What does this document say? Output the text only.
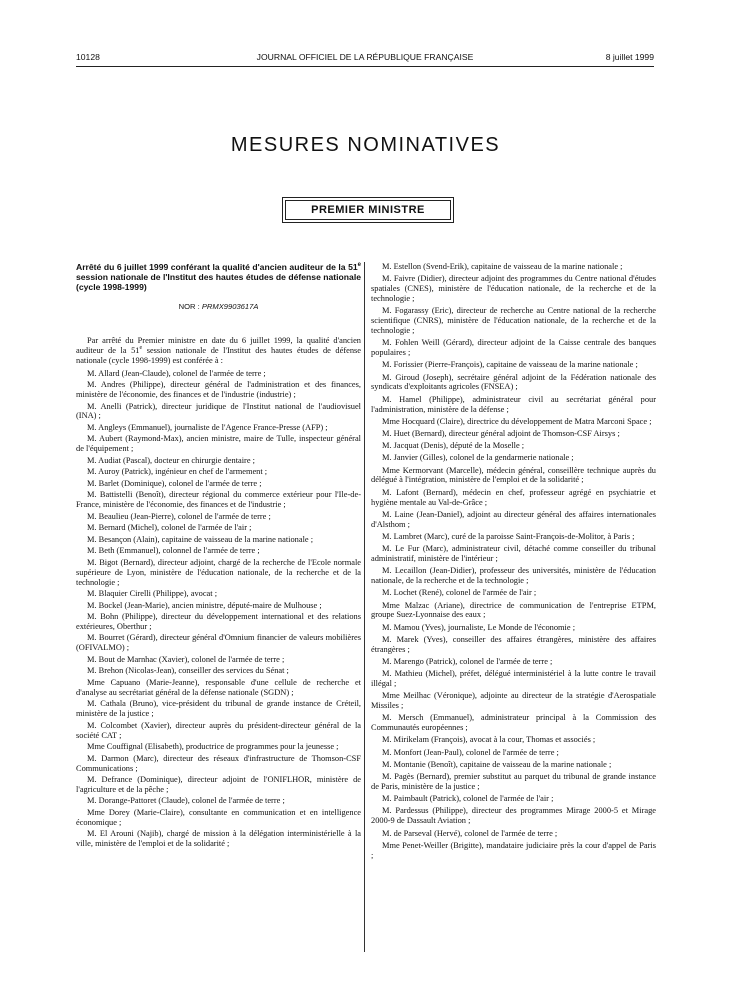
10128	JOURNAL OFFICIEL DE LA RÉPUBLIQUE FRANÇAISE	8 juillet 1999
MESURES NOMINATIVES
PREMIER MINISTRE
Arrêté du 6 juillet 1999 conférant la qualité d'ancien auditeur de la 51e session nationale de l'Institut des hautes études de défense nationale (cycle 1998-1999)
NOR : PRMX9903617A
Par arrêté du Premier ministre en date du 6 juillet 1999, la qualité d'ancien auditeur de la 51e session nationale de l'Institut des hautes études de défense nationale (cycle 1998-1999) est conférée à :
M. Allard (Jean-Claude), colonel de l'armée de terre ;
M. Andres (Philippe), directeur général de l'administration et des finances, ministère de l'économie, des finances et de l'industrie (industrie) ;
M. Anelli (Patrick), directeur juridique de l'Institut national de l'audiovisuel (INA) ;
M. Angleys (Emmanuel), journaliste de l'Agence France-Presse (AFP) ;
M. Aubert (Raymond-Max), ancien ministre, maire de Tulle, inspecteur général de l'équipement ;
M. Audiat (Pascal), docteur en chirurgie dentaire ;
M. Auroy (Patrick), ingénieur en chef de l'armement ;
M. Barlet (Dominique), colonel de l'armée de terre ;
M. Battistelli (Benoît), directeur régional du commerce extérieur pour l'Ile-de-France, ministère de l'économie, des finances et de l'industrie ;
M. Beaulieu (Jean-Pierre), colonel de l'armée de terre ;
M. Bernard (Michel), colonel de l'armée de l'air ;
M. Besançon (Alain), capitaine de vaisseau de la marine nationale ;
M. Beth (Emmanuel), colonnel de l'armée de terre ;
M. Bigot (Bernard), directeur adjoint, chargé de la recherche de l'Ecole normale supérieure de Lyon, ministère de l'éducation nationale, de la recherche et de la technologie ;
M. Blaquier Cirelli (Philippe), avocat ;
M. Bockel (Jean-Marie), ancien ministre, député-maire de Mulhouse ;
M. Bohn (Philippe), directeur du développement international et des relations extérieures, Oberthur ;
M. Bourret (Gérard), directeur général d'Omnium financier de valeurs mobilières (OFIVALMO) ;
M. Bout de Marnhac (Xavier), colonel de l'armée de terre ;
M. Brehon (Nicolas-Jean), conseiller des services du Sénat ;
Mme Capuano (Marie-Jeanne), responsable d'une cellule de recherche et d'analyse au secrétariat général de la défense nationale (SGDN) ;
M. Cathala (Bruno), vice-président du tribunal de grande instance de Créteil, ministère de la justice ;
M. Colcombet (Xavier), directeur auprès du président-directeur général de la société CAT ;
Mme Couffignal (Elisabeth), productrice de programmes pour la jeunesse ;
M. Darmon (Marc), directeur des réseaux d'infrastructure de Thomson-CSF Communications ;
M. Defrance (Dominique), directeur adjoint de l'ONIFLHOR, ministère de l'agriculture et de la pêche ;
M. Dorange-Pattoret (Claude), colonel de l'armée de terre ;
Mme Dorey (Marie-Claire), consultante en communication et en intelligence économique ;
M. El Arouni (Najib), chargé de mission à la délégation interministérielle à la ville, ministère de l'emploi et de la solidarité ;
M. Estellon (Svend-Erik), capitaine de vaisseau de la marine nationale ;
M. Faivre (Didier), directeur adjoint des programmes du Centre national d'études spatiales (CNES), ministère de l'éducation nationale, de la recherche et de la technologie ;
M. Fogarassy (Eric), directeur de recherche au Centre national de la recherche scientifique (CNRS), ministère de l'éducation nationale, de la recherche et de la technologie ;
M. Fohlen Weill (Gérard), directeur adjoint de la Caisse centrale des banques populaires ;
M. Forissier (Pierre-François), capitaine de vaisseau de la marine nationale ;
M. Giroud (Joseph), secrétaire général adjoint de la Fédération nationale des syndicats d'exploitants agricoles (FNSEA) ;
M. Hamel (Philippe), administrateur civil au secrétariat général pour l'administration, ministère de la défense ;
Mme Hocquard (Claire), directrice du développement de Matra Marconi Space ;
M. Huet (Bernard), directeur général adjoint de Thomson-CSF Airsys ;
M. Jacquat (Denis), député de la Moselle ;
M. Janvier (Gilles), colonel de la gendarmerie nationale ;
Mme Kermorvant (Marcelle), médecin général, conseillère technique auprès du délégué à l'intégration, ministère de l'emploi et de la solidarité ;
M. Lafont (Bernard), médecin en chef, professeur agrégé en psychiatrie et hygiène mentale au Val-de-Grâce ;
M. Laine (Jean-Daniel), adjoint au directeur général des affaires internationales d'Alsthom ;
M. Lambret (Marc), curé de la paroisse Saint-François-de-Molitor, à Paris ;
M. Le Fur (Marc), administrateur civil, détaché comme conseiller du tribunal administratif, ministère de l'intérieur ;
M. Lecaillon (Jean-Didier), professeur des universités, ministère de l'éducation nationale, de la recherche et de la technologie ;
M. Lochet (René), colonel de l'armée de l'air ;
Mme Malzac (Ariane), directrice de communication de l'entreprise ETPM, groupe Suez-Lyonnaise des eaux ;
M. Mamou (Yves), journaliste, Le Monde de l'économie ;
M. Marek (Yves), conseiller des affaires étrangères, ministère des affaires étrangères ;
M. Marengo (Patrick), colonel de l'armée de terre ;
M. Mathieu (Michel), préfet, délégué interministériel à la lutte contre le travail illégal ;
Mme Meilhac (Véronique), adjointe au directeur de la stratégie d'Aerospatiale Missiles ;
M. Mersch (Emmanuel), administrateur principal à la Commission des Communautés européennes ;
M. Mirikelam (François), avocat à la cour, Thomas et associés ;
M. Monfort (Jean-Paul), colonel de l'armée de terre ;
M. Montanie (Benoît), capitaine de vaisseau de la marine nationale ;
M. Pagès (Bernard), premier substitut au parquet du tribunal de grande instance de Paris, ministère de la justice ;
M. Paimbault (Patrick), colonel de l'armée de l'air ;
M. Pardessus (Philippe), directeur des programmes Mirage 2000-5 et Mirage 2000-9 de Dassault Aviation ;
M. de Parseval (Hervé), colonel de l'armée de terre ;
Mme Penet-Weiller (Brigitte), mandataire judiciaire près la cour d'appel de Paris ;
